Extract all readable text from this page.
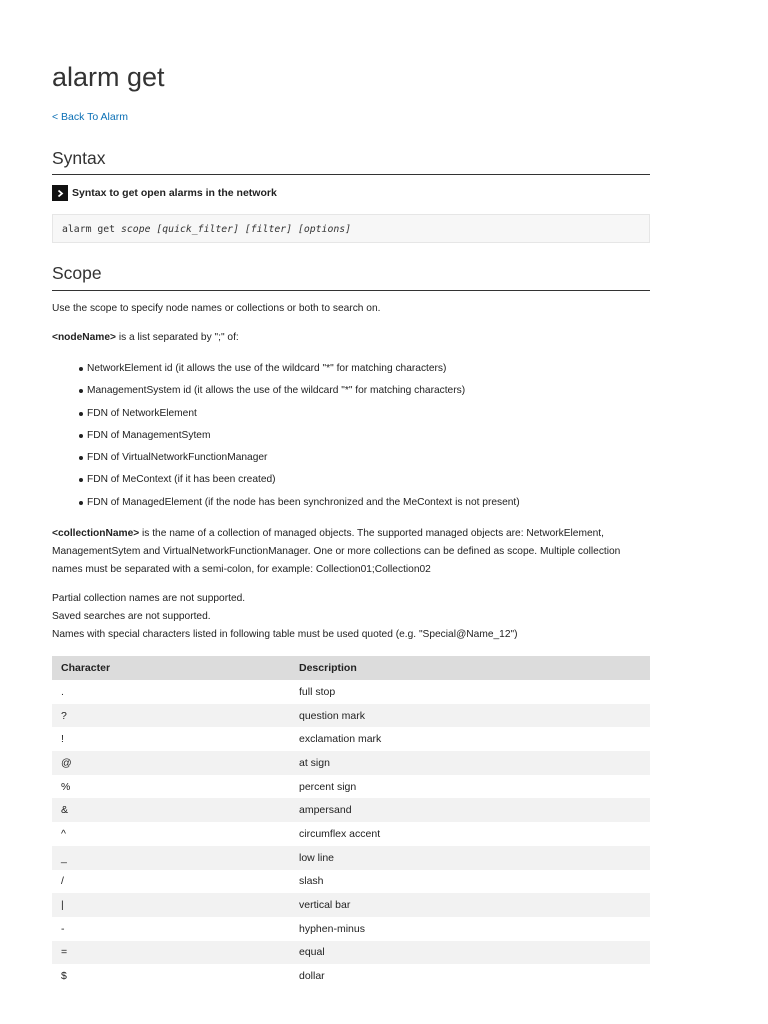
alarm get
< Back To Alarm
Syntax
Syntax to get open alarms in the network
alarm get scope [quick_filter] [filter] [options]
Scope

Use the scope to specify node names or collections or both to search on.

<nodeName> is a list separated by ";" of:

NetworkElement id (it allows the use of the wildcard "*" for matching characters)
ManagementSystem id (it allows the use of the wildcard "*" for matching characters)
FDN of NetworkElement
FDN of ManagementSytem
FDN of VirtualNetworkFunctionManager
FDN of MeContext (if it has been created)
FDN of ManagedElement (if the node has been synchronized and the MeContext is not present)

<collectionName> is the name of a collection of managed objects. The supported managed objects are: NetworkElement, ManagementSytem and VirtualNetworkFunctionManager. One or more collections can be defined as scope. Multiple collection names must be separated with a semi-colon, for example: Collection01;Collection02

Partial collection names are not supported.

Saved searches are not supported.

Names with special characters listed in following table must be used quoted (e.g. "Special@Name_12")

Character	Description
.	full stop
?	question mark
!	exclamation mark
@	at sign
%	percent sign
&	ampersand
^	circumflex accent
_	low line
/	slash
|	vertical bar
-	hyphen-minus
=	equal
$	dollar
